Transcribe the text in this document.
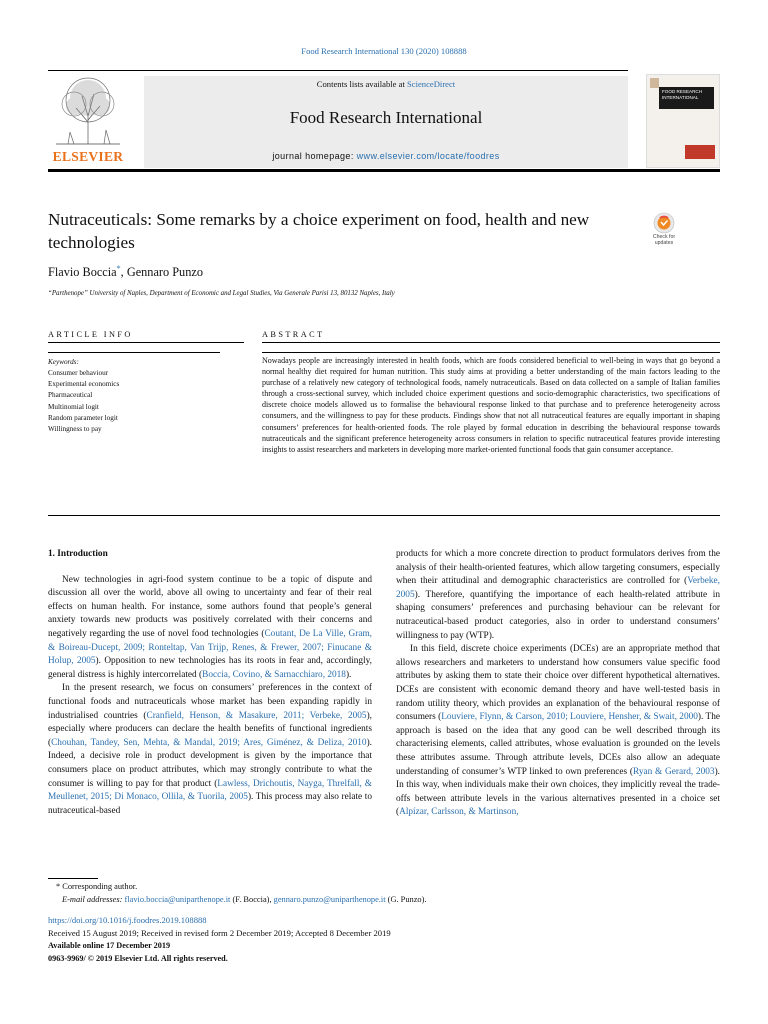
Food Research International 130 (2020) 108888
ELSEVIER
Contents lists available at ScienceDirect
Food Research International
journal homepage: www.elsevier.com/locate/foodres
FOOD RESEARCH INTERNATIONAL
Nutraceuticals: Some remarks by a choice experiment on food, health and new technologies	Check for updates
Flavio Boccia*, Gennaro Punzo
“Parthenope” University of Naples, Department of Economic and Legal Studies, Via Generale Parisi 13, 80132 Naples, Italy
ARTICLE INFO
Keywords:
Consumer behaviour
Experimental economics
Pharmaceutical
Multinomial logit
Random parameter logit
Willingness to pay
ABSTRACT

Nowadays people are increasingly interested in health foods, which are foods considered beneficial to well-being in ways that go beyond a normal healthy diet required for human nutrition. This study aims at providing a better understanding of the main factors leading to the purchase of a relatively new category of technological foods, namely nutraceuticals. Based on data collected on a sample of Italian families through a cross-sectional survey, which included choice experiment questions and socio-demographic characteristics, two specifications of discrete choice models allowed us to formalise the behavioural response linked to that purchase and to preference heterogeneity across consumers, and the willingness to pay for these products. Findings show that not all nutraceutical features are equally important in shaping consumers’ preferences for health-oriented foods. The role played by formal education in describing the behavioural response towards nutraceuticals and the significant preference heterogeneity across consumers in relation to specific nutraceutical features provide interesting insights to assist researchers and marketers in developing more market-oriented functional foods that gain consumer acceptance.

1. Introduction

New technologies in agri-food system continue to be a topic of dispute and discussion all over the world, above all owing to uncertainty and fear of their real effects on human health. For instance, some authors found that people’s general anxiety towards new products was positively correlated with their concerns and negatively regarding the use of novel food technologies (Coutant, De La Ville, Gram, & Boireau-Ducept, 2009; Ronteltap, Van Trijp, Renes, & Frewer, 2007; Finucane & Holup, 2005). Opposition to new technologies has its roots in fear and, accordingly, general distress is highly intercorrelated (Boccia, Covino, & Sarnacchiaro, 2018).

In the present research, we focus on consumers’ preferences in the context of functional foods and nutraceuticals whose market has been expanding rapidly in industrialised countries (Cranfield, Henson, & Masakure, 2011; Verbeke, 2005), especially where producers can declare the health benefits of functional ingredients (Chouhan, Tandey, Sen, Mehta, & Mandal, 2019; Ares, Giménez, & Deliza, 2010). Indeed, a decisive role in product development is given by the importance that consumers place on product attributes, which may strongly contribute to what the consumer is willing to pay for that product (Lawless, Drichoutis, Nayga, Threlfall, & Meullenet, 2015; Di Monaco, Ollila, & Tuorila, 2005). This process may also relate to nutraceutical-based

products for which a more concrete direction to product formulators derives from the analysis of their health-oriented features, which allow targeting consumers, especially when their attitudinal and demographic characteristics are controlled for (Verbeke, 2005). Therefore, quantifying the importance of each health-related attribute in shaping consumers’ preferences and purchasing behaviour can be relevant for nutraceutical-based product categories, also in order to understand consumers’ willingness to pay (WTP).

In this field, discrete choice experiments (DCEs) are an appropriate method that allows researchers and marketers to understand how consumers value specific food attributes by asking them to state their choice over different hypothetical alternatives. DCEs are consistent with economic demand theory and have well-tested basis in random utility theory, which provides an explanation of the behavioural response of consumers (Louviere, Flynn, & Carson, 2010; Louviere, Hensher, & Swait, 2000). The approach is based on the idea that any good can be well described through its characterising elements, called attributes, whose evaluation is grounded on the levels these attributes assume. Through attribute levels, DCEs also allow an adequate understanding of consumer’s WTP linked to own preferences (Ryan & Gerard, 2003). In this way, when individuals make their own choices, they implicitly reveal the trade-offs between attribute levels in the various alternatives presented in a choice set (Alpízar, Carlsson, & Martinson,

* Corresponding author.
E-mail addresses: flavio.boccia@uniparthenope.it (F. Boccia), gennaro.punzo@uniparthenope.it (G. Punzo).
https://doi.org/10.1016/j.foodres.2019.108888
Received 15 August 2019; Received in revised form 2 December 2019; Accepted 8 December 2019
Available online 17 December 2019
0963-9969/ © 2019 Elsevier Ltd. All rights reserved.
